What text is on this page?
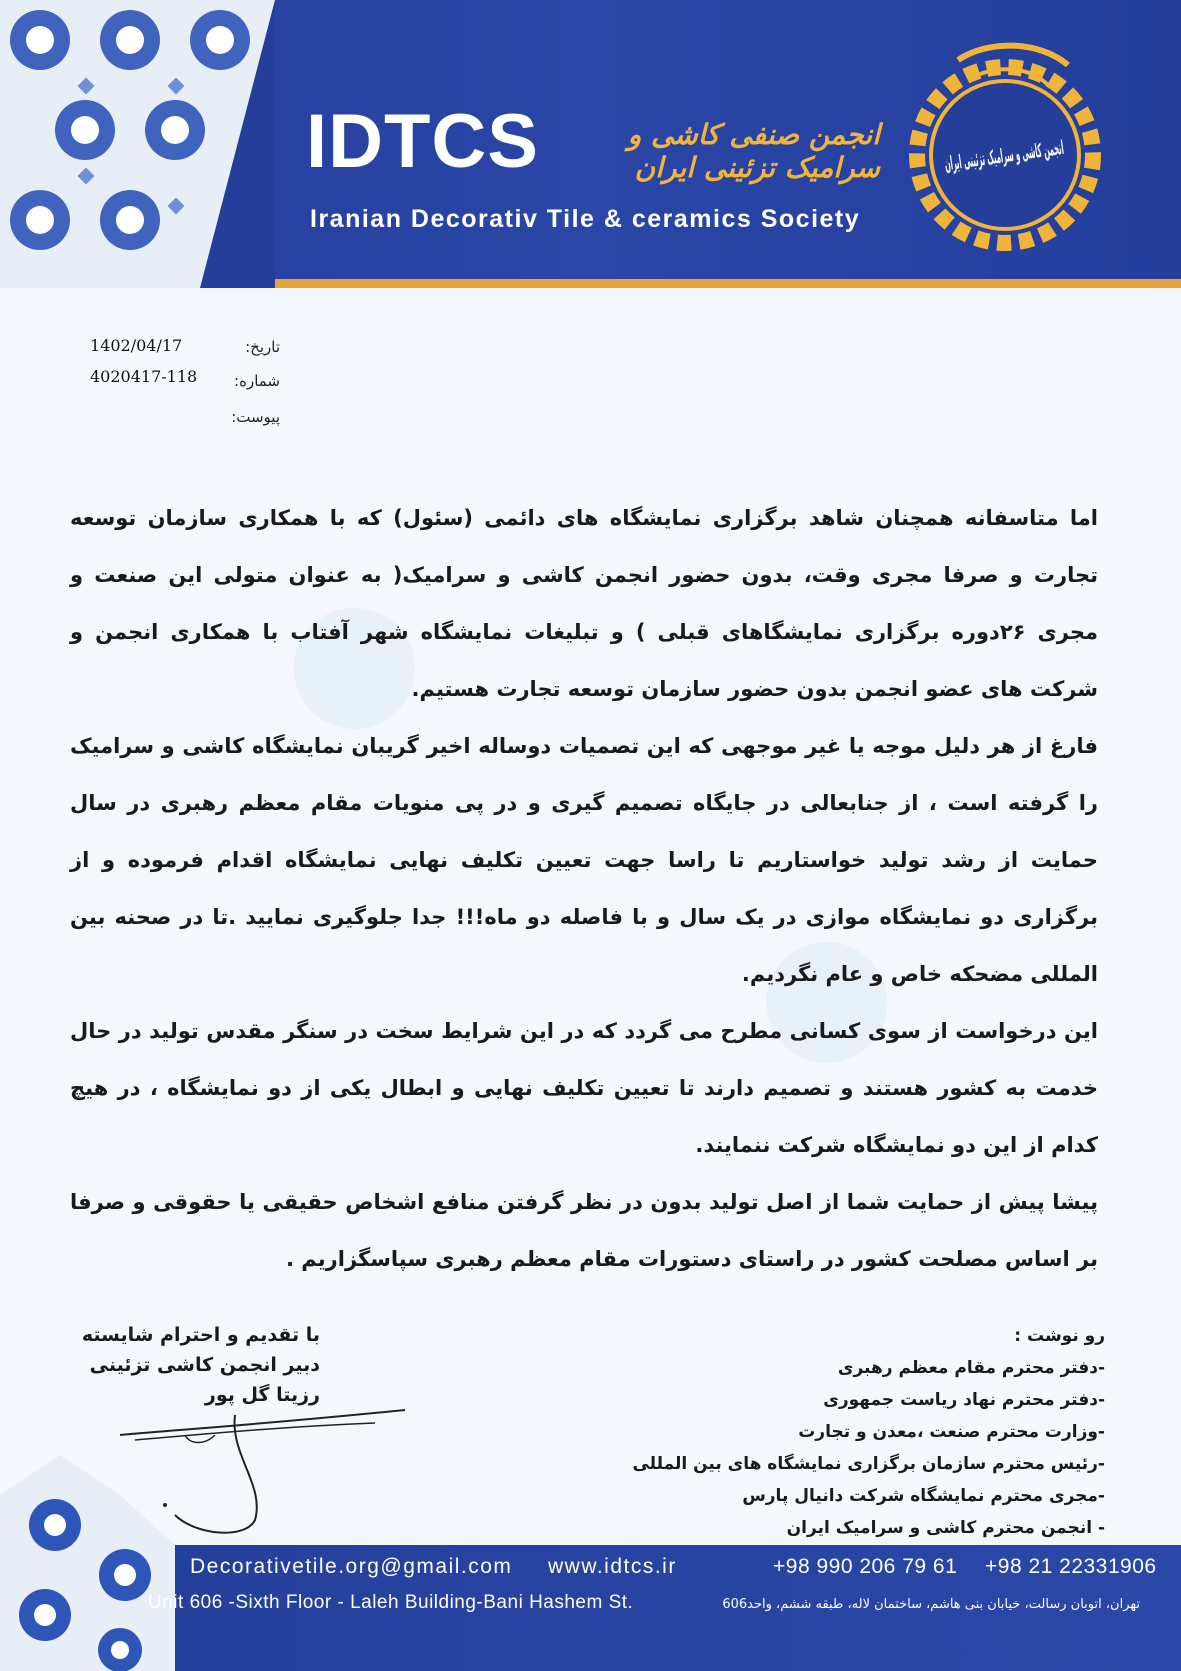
IDTCS	انجمن صنفی کاشی و سرامیک تزئینی ایران
Iranian Decorativ Tile & ceramics Society
تاریخ:
1402/04/17
شماره:
4020417-118
پیوست:

اما متاسفانه همچنان شاهد برگزاری نمایشگاه های دائمی (سئول) که با همکاری سازمان توسعه تجارت و صرفا مجری وقت، بدون حضور انجمن کاشی و سرامیک( به عنوان متولی این صنعت و مجری ۲۶دوره برگزاری نمایشگاهای قبلی ) و تبلیغات نمایشگاه شهر آفتاب با همکاری انجمن و شرکت های عضو انجمن بدون حضور سازمان توسعه تجارت هستیم.

فارغ از هر دلیل موجه یا غیر موجهی که این تصمیات دوساله اخیر گریبان نمایشگاه کاشی و سرامیک را گرفته است ، از جنابعالی در جایگاه تصمیم گیری و در پی منویات مقام معظم رهبری در سال حمایت از رشد تولید خواستاریم تا راسا جهت تعیین تکلیف نهایی نمایشگاه اقدام فرموده و از برگزاری دو نمایشگاه موازی در یک سال و با فاصله دو ماه!!! جدا جلوگیری نمایید .تا در صحنه بین المللی مضحکه خاص و عام نگردیم.

این درخواست از سوی کسانی مطرح می گردد که در این شرایط سخت در سنگر مقدس تولید در حال خدمت به کشور هستند و تصمیم دارند تا تعیین تکلیف نهایی و ابطال یکی از دو نمایشگاه ، در هیچ کدام از این دو نمایشگاه شرکت ننمایند.

پیشا پیش از حمایت شما از اصل تولید بدون در نظر گرفتن منافع اشخاص حقیقی یا حقوقی و صرفا بر اساس مصلحت کشور در راستای دستورات مقام معظم رهبری سپاسگزاریم .

با تقدیم و احترام شایسته
دبیر انجمن کاشی تزئینی
رزیتا گل پور
رو نوشت :
-دفتر محترم مقام معظم رهبری
-دفتر محترم نهاد ریاست جمهوری
-وزارت محترم صنعت ،معدن و تجارت
-رئیس محترم سازمان برگزاری نمایشگاه های بین المللی
-مجری محترم نمایشگاه شرکت دانیال پارس
- انجمن محترم کاشی و سرامیک ایران
Decorativetile.org@gmail.com www.idtcs.ir	+98 990 206 79 61 +98 21 22331906
Unit 606 -Sixth Floor - Laleh Building-Bani Hashem St.	تهران، اتوبان رسالت، خیابان بنی هاشم، ساختمان لاله، طبقه ششم، واحد606
